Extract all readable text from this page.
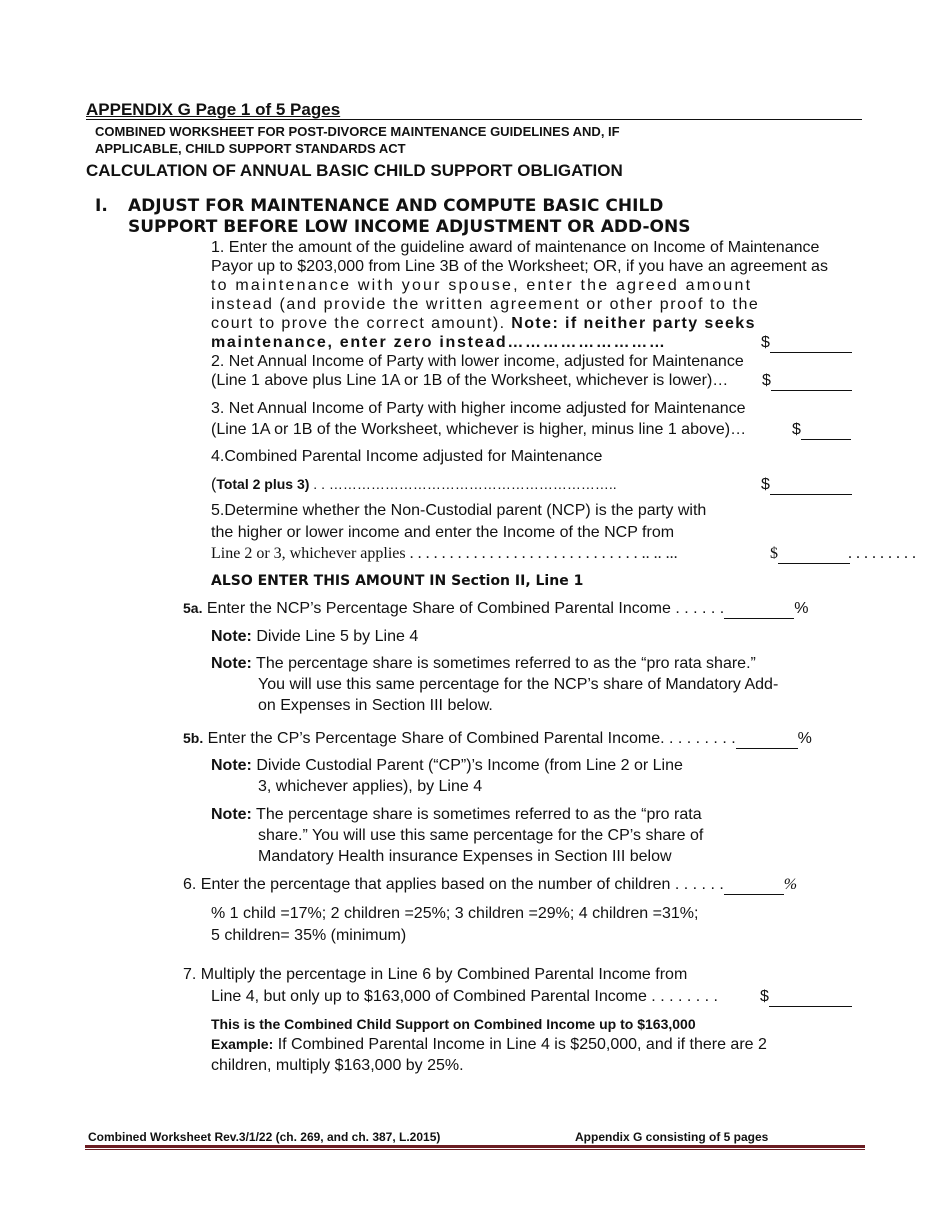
APPENDIX G Page 1 of 5 Pages
COMBINED WORKSHEET FOR POST-DIVORCE MAINTENANCE GUIDELINES AND, IF
APPLICABLE, CHILD SUPPORT STANDARDS ACT
CALCULATION OF ANNUAL BASIC CHILD SUPPORT OBLIGATION
I. ADJUST FOR MAINTENANCE AND COMPUTE BASIC CHILD
SUPPORT BEFORE LOW INCOME ADJUSTMENT OR ADD-ONS
1. Enter the amount of the guideline award of maintenance on Income of Maintenance
Payor up to $203,000 from Line 3B of the Worksheet; OR, if you have an agreement as
to maintenance with your spouse, enter the agreed amount
instead (and provide the written agreement or other proof to the
court to prove the correct amount). Note: if neither party seeks
maintenance, enter zero instead………………………	$
2. Net Annual Income of Party with lower income, adjusted for Maintenance
(Line 1 above plus Line 1A or 1B of the Worksheet, whichever is lower)… $
3. Net Annual Income of Party with higher income adjusted for Maintenance
(Line 1A or 1B of the Worksheet, whichever is higher, minus line 1 above)…	$
4.Combined Parental Income adjusted for Maintenance
(Total 2 plus 3) . . ……………………………………………………..	$
5.Determine whether the Non-Custodial parent (NCP) is the party with
the higher or lower income and enter the Income of the NCP from
Line 2 or 3, whichever applies . . . . . . . . . . . . . . . . . . . . . . . . . . . . . .. .. ...	$	. . . . . . . . .
ALSO ENTER THIS AMOUNT IN Section II, Line 1
5a. Enter the NCP’s Percentage Share of Combined Parental Income . . . . . .	%
Note: Divide Line 5 by Line 4
Note: The percentage share is sometimes referred to as the “pro rata share.”
You will use this same percentage for the NCP’s share of Mandatory Add-
on Expenses in Section III below.
5b. Enter the CP’s Percentage Share of Combined Parental Income. . . . . . . . .	%
Note: Divide Custodial Parent (“CP”)’s Income (from Line 2 or Line
3, whichever applies), by Line 4
Note: The percentage share is sometimes referred to as the “pro rata
share.” You will use this same percentage for the CP’s share of
Mandatory Health insurance Expenses in Section III below
6. Enter the percentage that applies based on the number of children . . . . . .	%
% 1 child =17%; 2 children =25%; 3 children =29%; 4 children =31%;
5 children= 35% (minimum)
7. Multiply the percentage in Line 6 by Combined Parental Income from
Line 4, but only up to $163,000 of Combined Parental Income . . . . . . . .	$
This is the Combined Child Support on Combined Income up to $163,000
Example: If Combined Parental Income in Line 4 is $250,000, and if there are 2
children, multiply $163,000 by 25%.
Combined Worksheet Rev.3/1/22 (ch. 269, and ch. 387, L.2015)	Appendix G consisting of 5 pages
